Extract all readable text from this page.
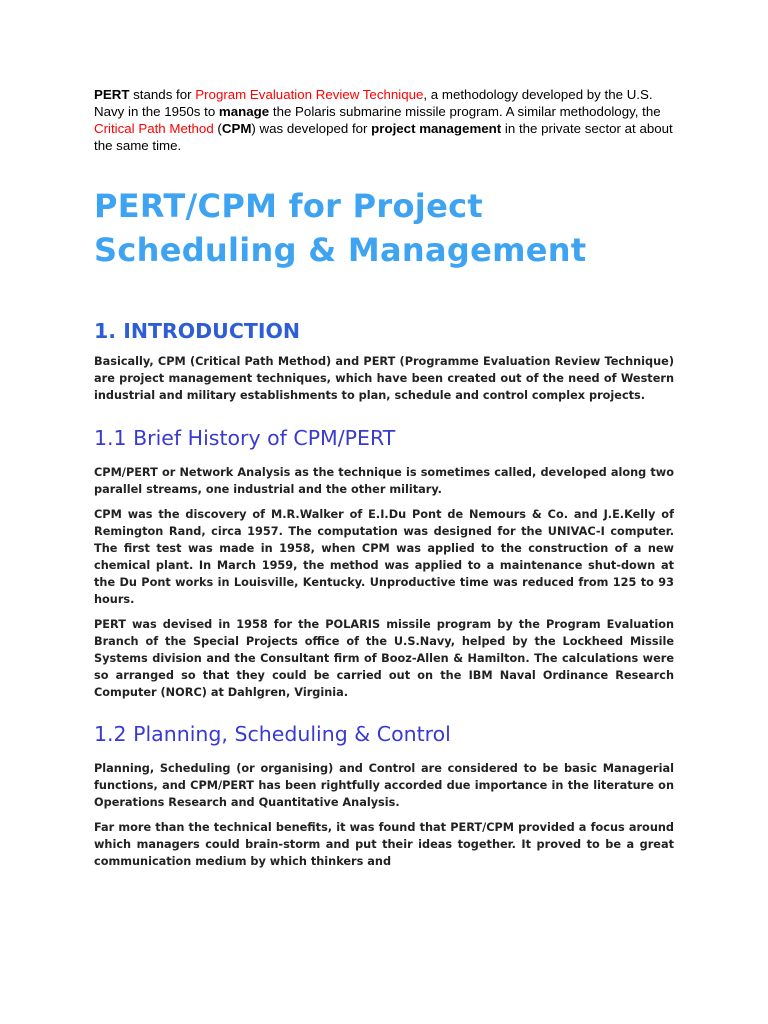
PERT stands for Program Evaluation Review Technique, a methodology developed by the U.S. Navy in the 1950s to manage the Polaris submarine missile program. A similar methodology, the Critical Path Method (CPM) was developed for project management in the private sector at about the same time.

PERT/CPM for Project Scheduling & Management
1. INTRODUCTION

Basically, CPM (Critical Path Method) and PERT (Programme Evaluation Review Technique) are project management techniques, which have been created out of the need of Western industrial and military establishments to plan, schedule and control complex projects.

1.1 Brief History of CPM/PERT

CPM/PERT or Network Analysis as the technique is sometimes called, developed along two parallel streams, one industrial and the other military.

CPM was the discovery of M.R.Walker of E.I.Du Pont de Nemours & Co. and J.E.Kelly of Remington Rand, circa 1957. The computation was designed for the UNIVAC-I computer. The first test was made in 1958, when CPM was applied to the construction of a new chemical plant. In March 1959, the method was applied to a maintenance shut-down at the Du Pont works in Louisville, Kentucky. Unproductive time was reduced from 125 to 93 hours.

PERT was devised in 1958 for the POLARIS missile program by the Program Evaluation Branch of the Special Projects office of the U.S.Navy, helped by the Lockheed Missile Systems division and the Consultant firm of Booz-Allen & Hamilton. The calculations were so arranged so that they could be carried out on the IBM Naval Ordinance Research Computer (NORC) at Dahlgren, Virginia.

1.2 Planning, Scheduling & Control

Planning, Scheduling (or organising) and Control are considered to be basic Managerial functions, and CPM/PERT has been rightfully accorded due importance in the literature on Operations Research and Quantitative Analysis.

Far more than the technical benefits, it was found that PERT/CPM provided a focus around which managers could brain-storm and put their ideas together. It proved to be a great communication medium by which thinkers and
